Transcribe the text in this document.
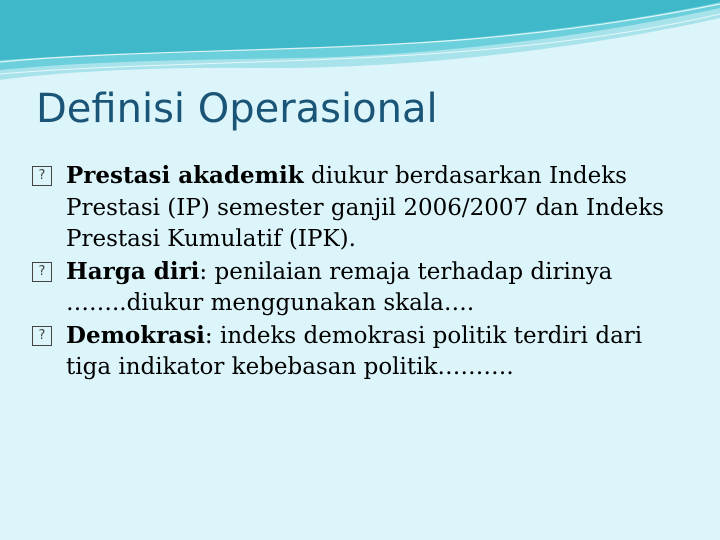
Definisi Operasional
? Prestasi akademik diukur berdasarkan Indeks Prestasi (IP) semester ganjil 2006/2007 dan Indeks Prestasi Kumulatif (IPK).
? Harga diri: penilaian remaja terhadap dirinya ……..diukur menggunakan skala….
? Demokrasi: indeks demokrasi politik terdiri dari tiga indikator kebebasan politik……….
